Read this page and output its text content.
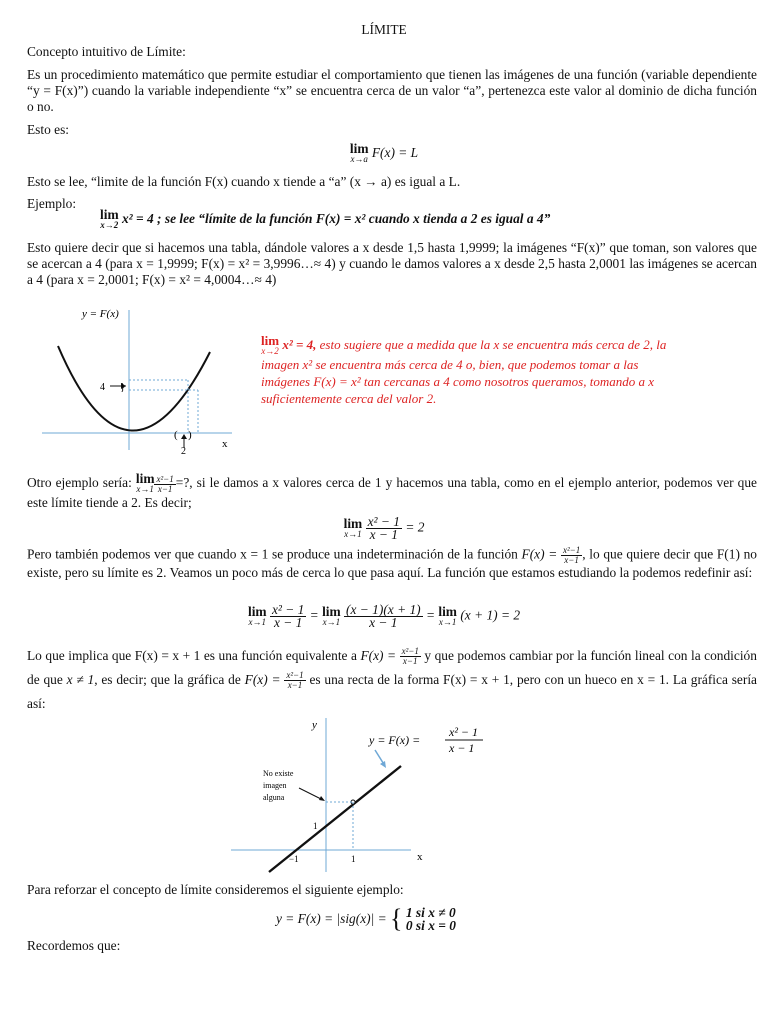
LÍMITE
Concepto intuitivo de Límite:
Es un procedimiento matemático que permite estudiar el comportamiento que tienen las imágenes de una función (variable dependiente “y = F(x)”) cuando la variable independiente “x” se encuentra cerca de un valor “a”, pertenezca este valor al dominio de dicha función o no.
Esto es:
lim
x→a F(x) = L
Esto se lee, “limite de la función F(x) cuando x tiende a “a” (x → a) es igual a L.
Ejemplo:
lim
x→2 x² = 4 ; se lee “límite de la función F(x) = x² cuando x tienda a 2 es igual a 4”
Esto quiere decir que si hacemos una tabla, dándole valores a x desde 1,5 hasta 1,9999; la imágenes “F(x)” que toman, son valores que se acercan a 4 (para x = 1,9999; F(x) = x² = 3,9996…≈ 4) y cuando le damos valores a x desde 2,5 hasta 2,0001 las imágenes se acercan a 4 (para x = 2,0001; F(x) = x² = 4,0004…≈ 4)
y = F(x)
4 }
2
( )
x
lim
x→2 x² = 4, esto sugiere que a medida que la x se encuentra más cerca de 2, la imagen x² se encuentra más cerca de 4 o, bien, que podemos tomar a las imágenes F(x) = x² tan cercanas a 4 como nosotros queramos, tomando a x suficientemente cerca del valor 2.
Otro ejemplo sería: lim
$x\to 1 \frac{\text{x²−1}}{x-1}$ =?, si le damos a x valores cerca de 1 y hacemos una tabla, como en el ejemplo anterior, podemos ver que este límite tiende a 2. Es decir;
lim
x→1
$\frac{\text{x² − 1}}{x - 1} = 2$
Pero también podemos ver que cuando x = 1 se produce una indeterminación de la función $F(x) = \frac{\text{x²−1}}{x-1}$ , lo que quiere decir que F(1) no existe, pero su límite es 2. Veamos un poco más de cerca lo que pasa aquí. La función que estamos estudiando la podemos redefinir así:
lim
x→1
$\frac{\text{x² − 1}}{x - 1} = \lim$
x→1
$\frac{(x - 1)(x + 1)}{x - 1} = \lim$
x→1 (x + 1) = 2
Lo que implica que F(x) = x + 1 es una función equivalente a $F(x) = \frac{\text{x²−1}}{x-1}$ y que podemos cambiar por la función lineal con la condición de que x ≠ 1, es decir; que la gráfica de $F(x) = \frac{\text{x²−1}}{x-1}$ es una recta de la forma F(x) = x + 1, pero con un hueco en x = 1. La gráfica sería así:
y
x
y = F(x) =
x² − 1
x − 1
No existe
imagen
alguna
1
−1	1
Para reforzar el concepto de límite consideremos el siguiente ejemplo:
y = F(x) = |sig(x)| = { 1 si x ≠ 0
0 si x = 0
Recordemos que:
